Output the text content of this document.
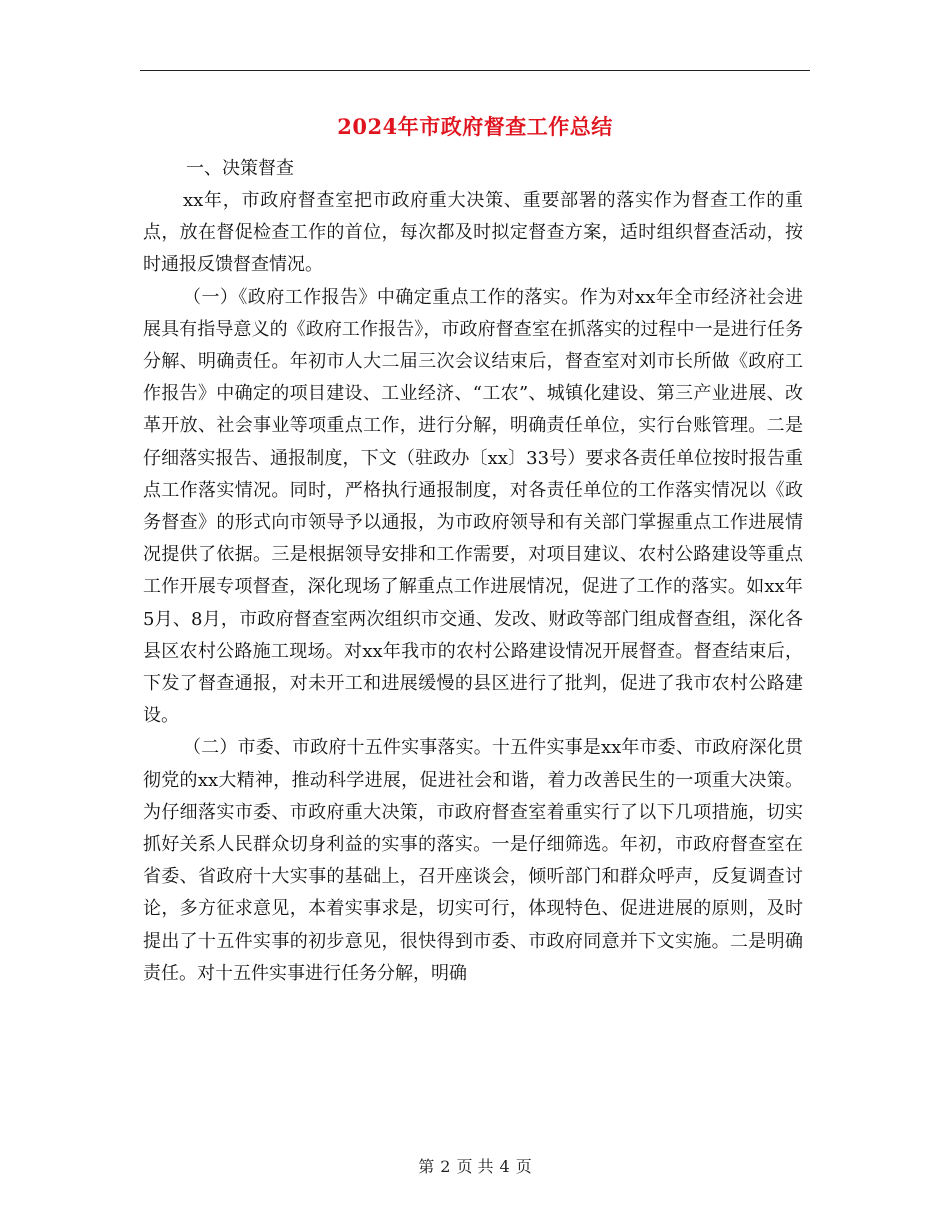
2024年市政府督查工作总结

一、决策督查

xx年，市政府督查室把市政府重大决策、重要部署的落实作为督查工作的重点，放在督促检查工作的首位，每次都及时拟定督查方案，适时组织督查活动，按时通报反馈督查情况。

（一）《政府工作报告》中确定重点工作的落实。作为对xx年全市经济社会进展具有指导意义的《政府工作报告》，市政府督查室在抓落实的过程中一是进行任务分解、明确责任。年初市人大二届三次会议结束后，督查室对刘市长所做《政府工作报告》中确定的项目建设、工业经济、“工农”、城镇化建设、第三产业进展、改革开放、社会事业等项重点工作，进行分解，明确责任单位，实行台账管理。二是仔细落实报告、通报制度，下文（驻政办〔xx〕33号）要求各责任单位按时报告重点工作落实情况。同时，严格执行通报制度，对各责任单位的工作落实情况以《政务督查》的形式向市领导予以通报，为市政府领导和有关部门掌握重点工作进展情况提供了依据。三是根据领导安排和工作需要，对项目建议、农村公路建设等重点工作开展专项督查，深化现场了解重点工作进展情况，促进了工作的落实。如xx年5月、8月，市政府督查室两次组织市交通、发改、财政等部门组成督查组，深化各县区农村公路施工现场。对xx年我市的农村公路建设情况开展督查。督查结束后，下发了督查通报，对未开工和进展缓慢的县区进行了批判，促进了我市农村公路建设。

（二）市委、市政府十五件实事落实。十五件实事是xx年市委、市政府深化贯彻党的xx大精神，推动科学进展，促进社会和谐，着力改善民生的一项重大决策。为仔细落实市委、市政府重大决策，市政府督查室着重实行了以下几项措施，切实抓好关系人民群众切身利益的实事的落实。一是仔细筛选。年初，市政府督查室在省委、省政府十大实事的基础上，召开座谈会，倾听部门和群众呼声，反复调查讨论，多方征求意见，本着实事求是，切实可行，体现特色、促进进展的原则，及时提出了十五件实事的初步意见，很快得到市委、市政府同意并下文实施。二是明确责任。对十五件实事进行任务分解，明确

第 2 页 共 4 页
